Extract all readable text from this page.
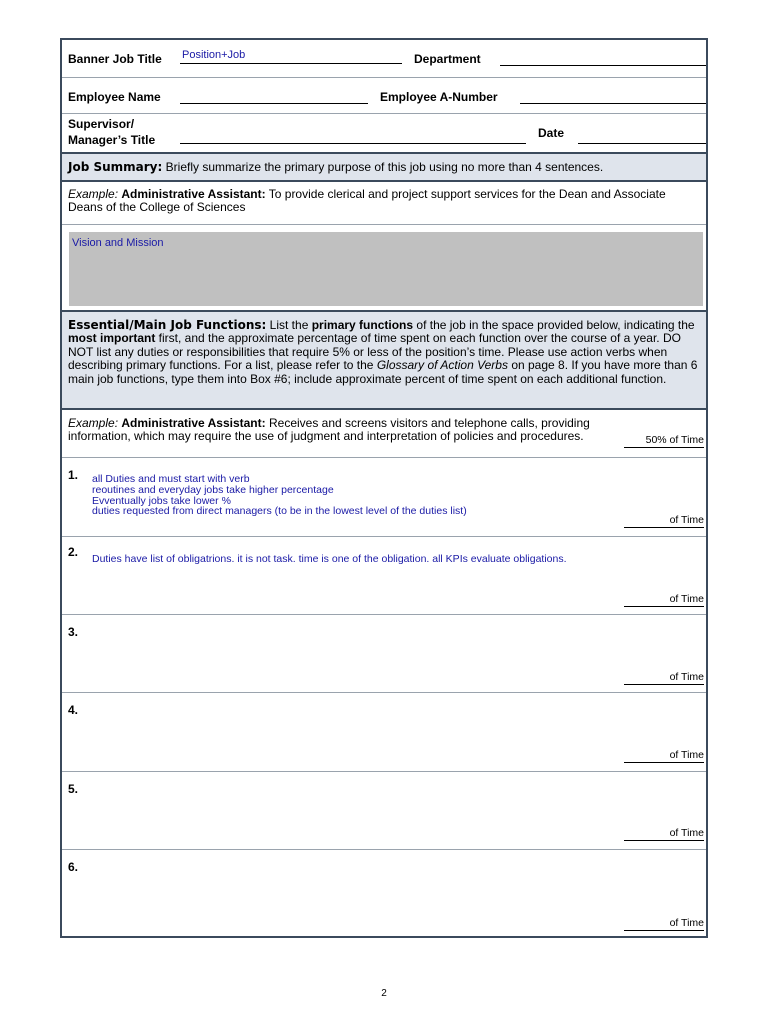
Banner Job Title Position+Job	Department
Employee Name	Employee A-Number
Supervisor/
Manager’s Title	Date
Job Summary: Briefly summarize the primary purpose of this job using no more than 4 sentences.
Example: Administrative Assistant: To provide clerical and project support services for the Dean and Associate Deans of the College of Sciences
Vision and Mission
Essential/Main Job Functions: List the primary functions of the job in the space provided below, indicating the most important first, and the approximate percentage of time spent on each function over the course of a year. DO NOT list any duties or responsibilities that require 5% or less of the position’s time. Please use action verbs when describing primary functions. For a list, please refer to the Glossary of Action Verbs on page 8. If you have more than 6 main job functions, type them into Box #6; include approximate percent of time spent on each additional function.
Example: Administrative Assistant: Receives and screens visitors and telephone calls, providing information, which may require the use of judgment and interpretation of policies and procedures.	50% of Time
1. all Duties and must start with verb
reoutines and everyday jobs take higher percentage
Evventually jobs take lower %
duties requested from direct managers (to be in the lowest level of the duties list)
of Time
2. Duties have list of obligatrions. it is not task. time is one of the obligation. all KPIs evaluate obligations.
of Time
3.
of Time
4.
of Time
5.
of Time
6.
of Time
2
